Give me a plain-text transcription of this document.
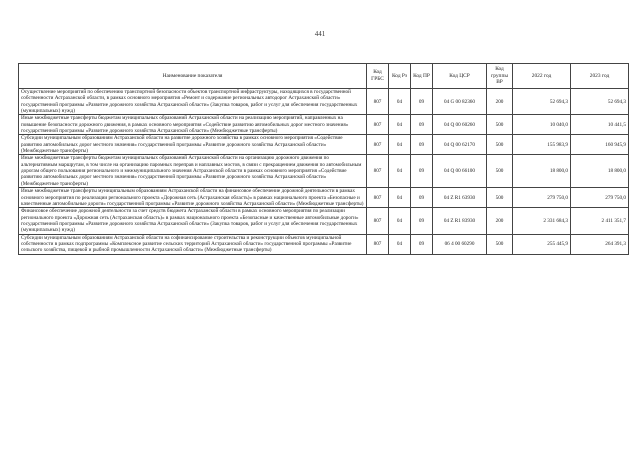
441
Наименование показателя	Код ГРБС	Код Рз	Код ПР	Код ЦСР	Код группы ВР	2022 год	2023 год
Осуществление мероприятий по обеспечению транспортной безопасности объектов транспортной инфраструктуры, находящихся в государственной собственности Астраханской области, в рамках основного мероприятия «Ремонт и содержание региональных автодорог Астраханской области» государственной программы «Развитие дорожного хозяйства Астраханской области» (Закупка товаров, работ и услуг для обеспечения государственных (муниципальных) нужд)	807	04	09	04 G 00 82360	200	52 694,3	52 694,3
Иные межбюджетные трансферты бюджетам муниципальных образований Астраханской области на реализацию мероприятий, направленных на повышение безопасности дорожного движения, в рамках основного мероприятия «Содействие развитию автомобильных дорог местного значения» государственной программы «Развитие дорожного хозяйства Астраханской области» (Межбюджетные трансферты)	807	04	09	04 Q 00 60260	500	10 040,0	10 441,5
Субсидии муниципальным образованиям Астраханской области на развитие дорожного хозяйства в рамках основного мероприятия «Содействие развитию автомобильных дорог местного значения» государственной программы «Развитие дорожного хозяйства Астраханской области» (Межбюджетные трансферты)	807	04	09	04 Q 00 62170	500	155 983,9	160 945,9
Иные межбюджетные трансферты бюджетам муниципальных образований Астраханской области на организацию дорожного движения по альтернативным маршрутам, в том числе на организацию паромных переправ и наплавных мостов, в связи с прекращением движения по автомобильным дорогам общего пользования регионального и межмуниципального значения Астраханской области в рамках основного мероприятия «Содействие развитию автомобильных дорог местного значения» государственной программы «Развитие дорожного хозяйства Астраханской области» (Межбюджетные трансферты)	807	04	09	04 Q 00 66100	500	18 800,0	18 800,0
Иные межбюджетные трансферты муниципальным образованиям Астраханской области на финансовое обеспечение дорожной деятельности в рамках основного мероприятия по реализации регионального проекта «Дорожная сеть (Астраханская область)» в рамках национального проекта «Безопасные и качественные автомобильные дороги» государственной программы «Развитие дорожного хозяйства Астраханской области» (Межбюджетные трансферты)	807	04	09	04 Z R1 63930	500	279 750,0	279 750,0
Финансовое обеспечение дорожной деятельности за счет средств бюджета Астраханской области в рамках основного мероприятия по реализации регионального проекта «Дорожная сеть (Астраханская область)» в рамках национального проекта «Безопасные и качественные автомобильные дороги» государственной программы «Развитие дорожного хозяйства Астраханской области» (Закупка товаров, работ и услуг для обеспечения государственных (муниципальных) нужд)	807	04	09	04 Z R1 83930	200	2 331 684,3	2 411 351,7
Субсидии муниципальным образованиям Астраханской области на софинансирование строительства и реконструкции объектов муниципальной собственности в рамках подпрограммы «Комплексное развитие сельских территорий Астраханской области» государственной программы «Развитие сельского хозяйства, пищевой и рыбной промышленности Астраханской области» (Межбюджетные трансферты)	807	04	09	06 4 00 60290	500	255 445,9	264 391,3
